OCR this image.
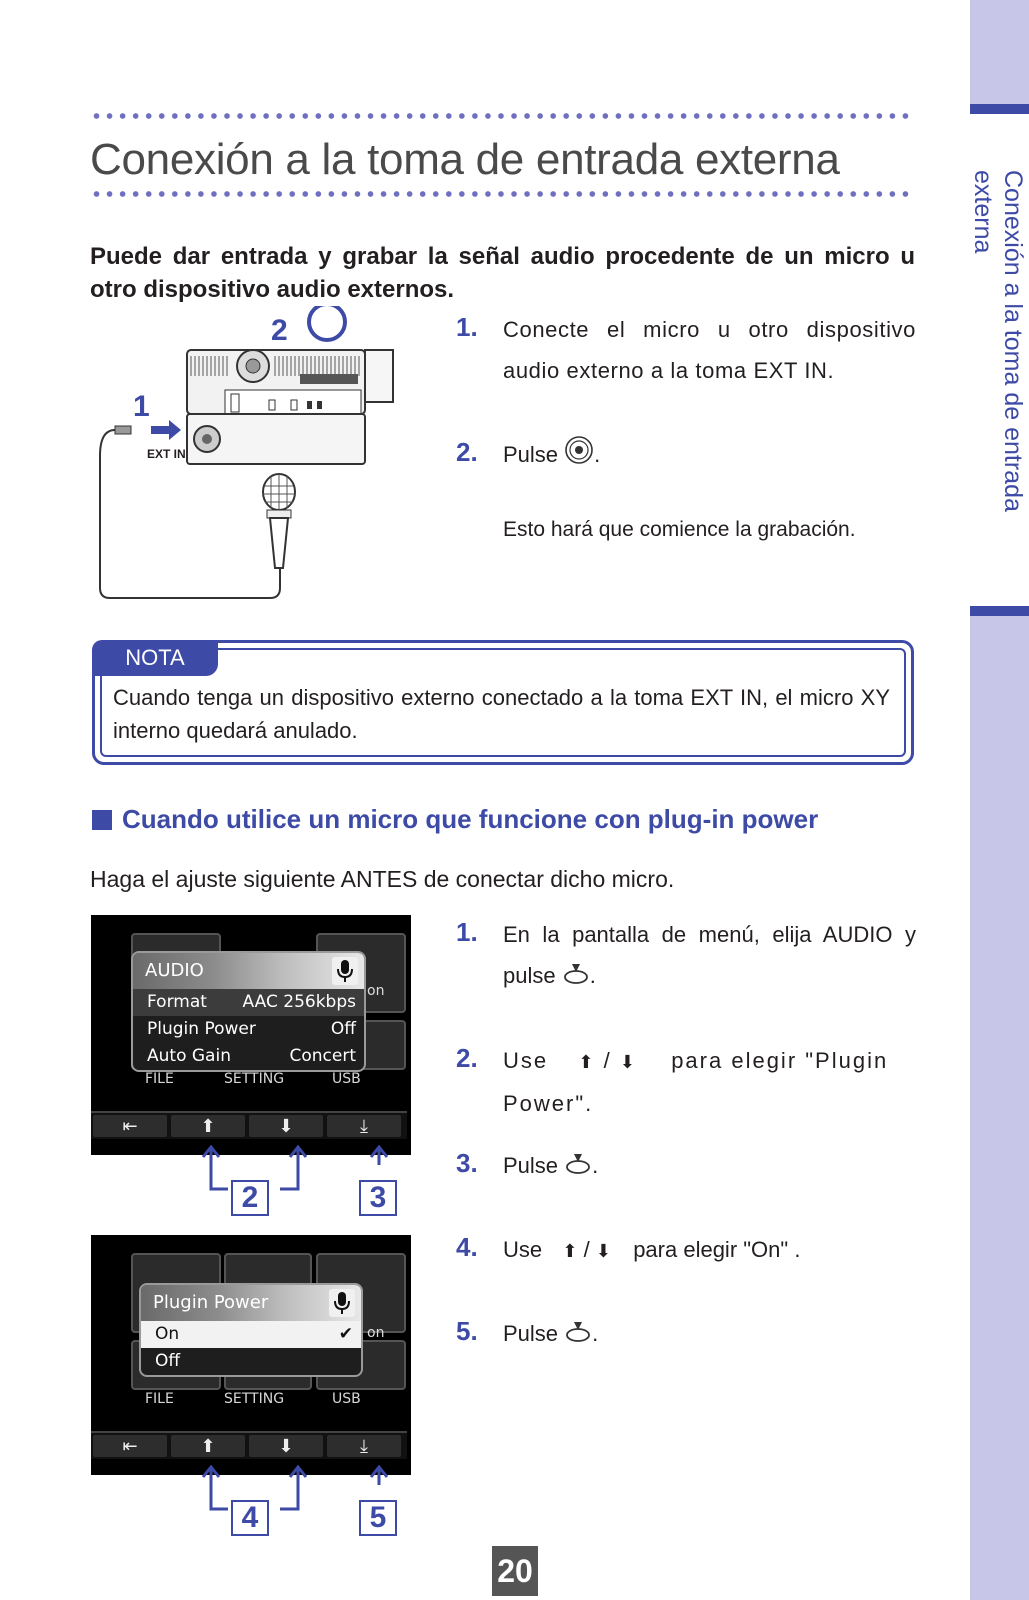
Conexión a la toma de entrada externa
Conexión a la toma de entrada externa

Puede dar entrada y grabar la señal audio procedente de un micro u otro dispositivo audio externos.

2
1
EXT IN
1. Conecte el micro u otro dispositivo audio externo a la toma EXT IN.
2. Pulse .
Esto hará que comience la grabación.
NOTA

Cuando tenga un dispositivo externo conectado a la toma EXT IN, el micro XY interno quedará anulado.

Cuando utilice un micro que funcione con plug-in power

Haga el ajuste siguiente ANTES de conectar dicho micro.

on
AUDIO
Format AAC 256kbps
Plugin Power	Off
Auto Gain	Concert
FILE	SETTING	USB
⇤	⬆	⬇	⤓
2	3
on
Plugin Power
On	✔
Off
FILE	SETTING	USB
⇤	⬆	⬇	⤓
4	5
1. En la pantalla de menú, elija AUDIO y pulse .
2. Use ⬆ / ⬇ para elegir "Plugin Power".
3. Pulse .
4. Use ⬆ / ⬇ para elegir "On" .
5. Pulse .
20
